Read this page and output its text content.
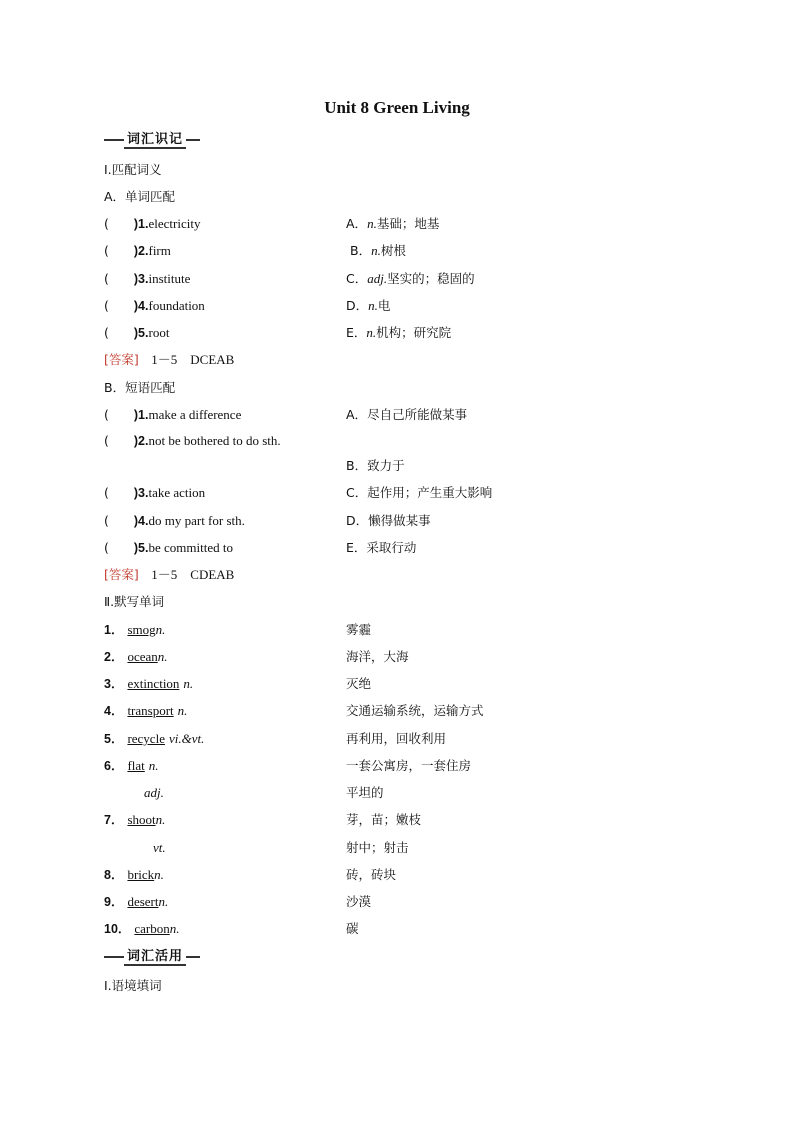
Unit 8 Green Living
词汇识记
Ⅰ.匹配词义
A．单词匹配
(　　)1.electricity	A．n.基础；地基
(　　)2.firm	B．n.树根
(　　)3.institute	C．adj.坚实的；稳固的
(　　)4.foundation	D．n.电
(　　)5.root	E．n.机构；研究院
[答案]　 1－5　DCEAB
B．短语匹配
(　　)1.make a difference	A．尽自己所能做某事
(　　)2.not be bothered to do sth.
B．致力于
(　　)3.take action	C．起作用；产生重大影响
(　　)4.do my part for sth.	D．懒得做某事
(　　)5.be committed to	E．采取行动
[答案]　 1－5　CDEAB
Ⅱ.默写单词
1． smogn.	雾霾
2． oceann.	海洋，大海
3． extinction n.	灭绝
4． transport n.	交通运输系统，运输方式
5． recycle vi.&vt.	再利用，回收利用
6． flat n.	一套公寓房，一套住房
adj.	平坦的
7． shootn.	芽，苗；嫩枝
vt.	射中；射击
8． brickn.	砖，砖块
9． desertn.	沙漠
10． carbonn.	碳
词汇活用
Ⅰ.语境填词
